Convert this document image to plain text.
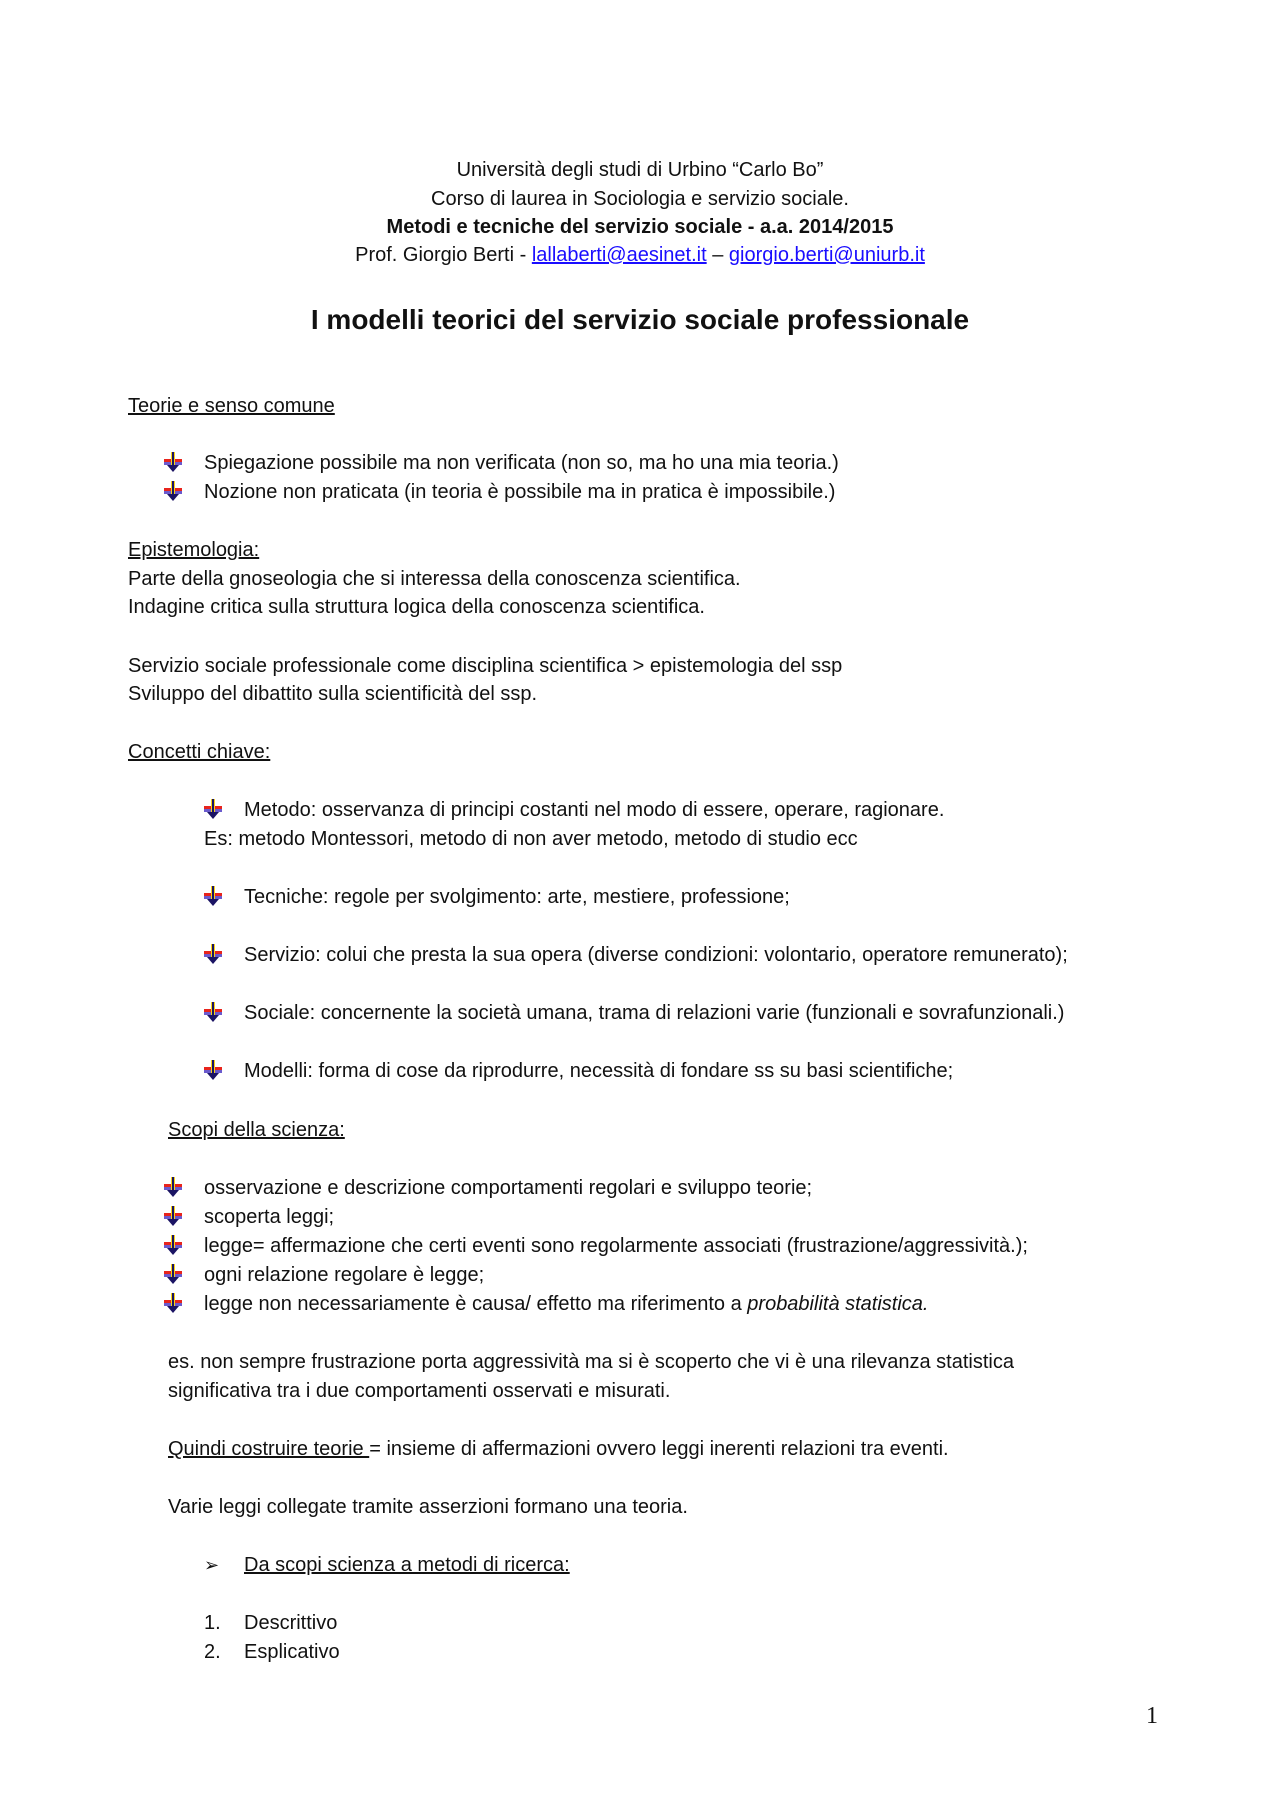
Università degli studi di Urbino “Carlo Bo”
Corso di laurea in Sociologia e servizio sociale.
Metodi e tecniche del servizio sociale - a.a. 2014/2015
Prof. Giorgio Berti - lallaberti@aesinet.it – giorgio.berti@uniurb.it
I modelli teorici del servizio sociale professionale
Teorie e senso comune
Spiegazione possibile ma non verificata (non so, ma ho una mia teoria.)
Nozione non praticata (in teoria è possibile ma in pratica è impossibile.)
Epistemologia:
Parte della gnoseologia che si interessa della conoscenza scientifica.
Indagine critica sulla struttura logica della conoscenza scientifica.
Servizio sociale professionale come disciplina scientifica > epistemologia del ssp
Sviluppo del dibattito sulla scientificità del ssp.
Concetti chiave:
Metodo: osservanza di principi costanti nel modo di essere, operare, ragionare.
Es: metodo Montessori, metodo di non aver metodo, metodo di studio ecc
Tecniche: regole per svolgimento: arte, mestiere, professione;
Servizio: colui che presta la sua opera (diverse condizioni: volontario, operatore remunerato);
Sociale: concernente la società umana, trama di relazioni varie (funzionali e sovrafunzionali.)
Modelli: forma di cose da riprodurre, necessità di fondare ss su basi scientifiche;
Scopi della scienza:
osservazione e descrizione comportamenti regolari e sviluppo teorie;
scoperta leggi;
legge= affermazione che certi eventi sono regolarmente associati (frustrazione/aggressività.);
ogni relazione regolare è legge;
legge non necessariamente è causa/ effetto ma riferimento a probabilità statistica.
es. non sempre frustrazione porta aggressività ma si è scoperto che vi è una rilevanza statistica
significativa tra i due comportamenti osservati e misurati.
Quindi costruire teorie = insieme di affermazioni ovvero leggi inerenti relazioni tra eventi.
Varie leggi collegate tramite asserzioni formano una teoria.
➢ Da scopi scienza a metodi di ricerca:
1. Descrittivo
2. Esplicativo
1
